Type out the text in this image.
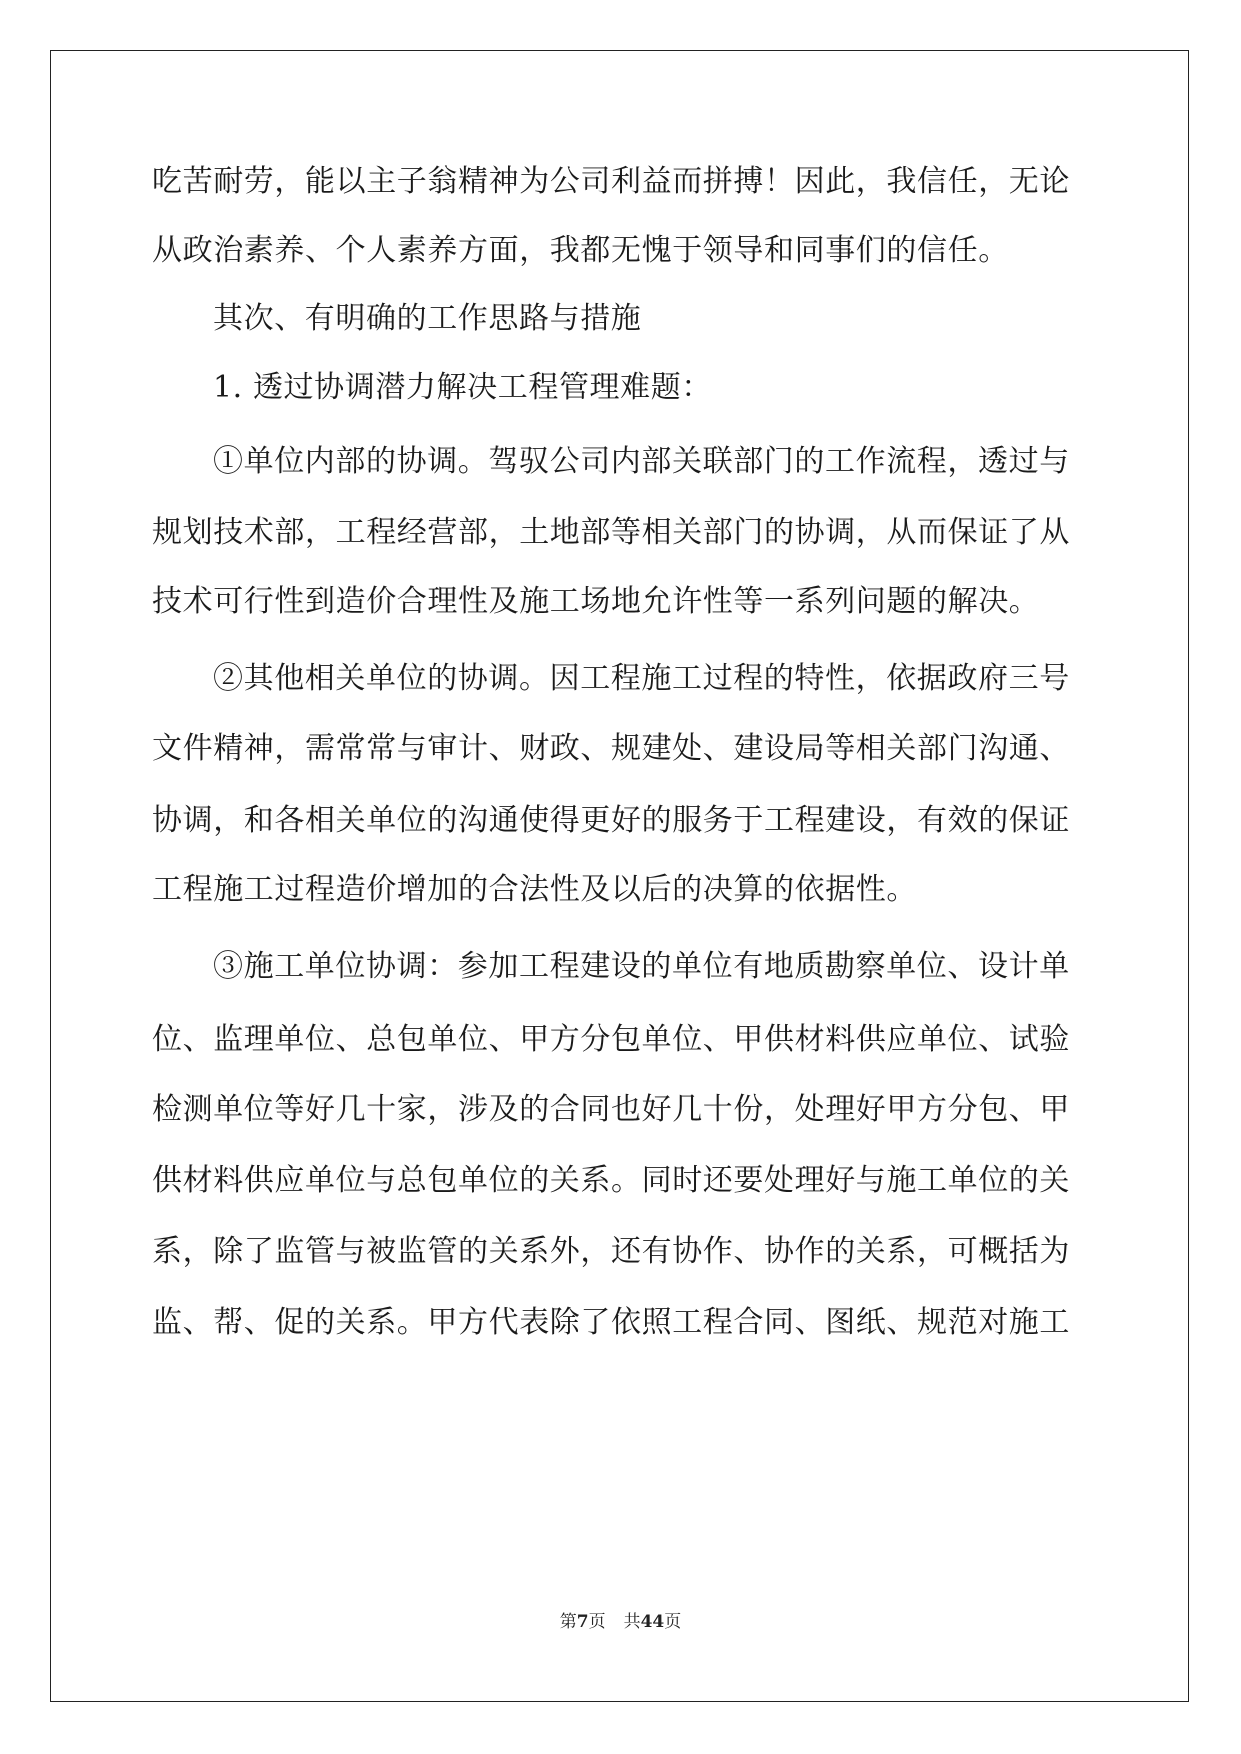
吃苦耐劳，能以主子翁精神为公司利益而拼搏！因此，我信任，无论
从政治素养、个人素养方面，我都无愧于领导和同事们的信任。
其次、有明确的工作思路与措施
1. 透过协调潜力解决工程管理难题：
①单位内部的协调。驾驭公司内部关联部门的工作流程，透过与
规划技术部，工程经营部，土地部等相关部门的协调，从而保证了从
技术可行性到造价合理性及施工场地允许性等一系列问题的解决。
②其他相关单位的协调。因工程施工过程的特性，依据政府三号
文件精神，需常常与审计、财政、规建处、建设局等相关部门沟通、
协调，和各相关单位的沟通使得更好的服务于工程建设，有效的保证
工程施工过程造价增加的合法性及以后的决算的依据性。
③施工单位协调：参加工程建设的单位有地质勘察单位、设计单
位、监理单位、总包单位、甲方分包单位、甲供材料供应单位、试验
检测单位等好几十家，涉及的合同也好几十份，处理好甲方分包、甲
供材料供应单位与总包单位的关系。同时还要处理好与施工单位的关
系，除了监管与被监管的关系外，还有协作、协作的关系，可概括为
监、帮、促的关系。甲方代表除了依照工程合同、图纸、规范对施工
第7页 共44页
